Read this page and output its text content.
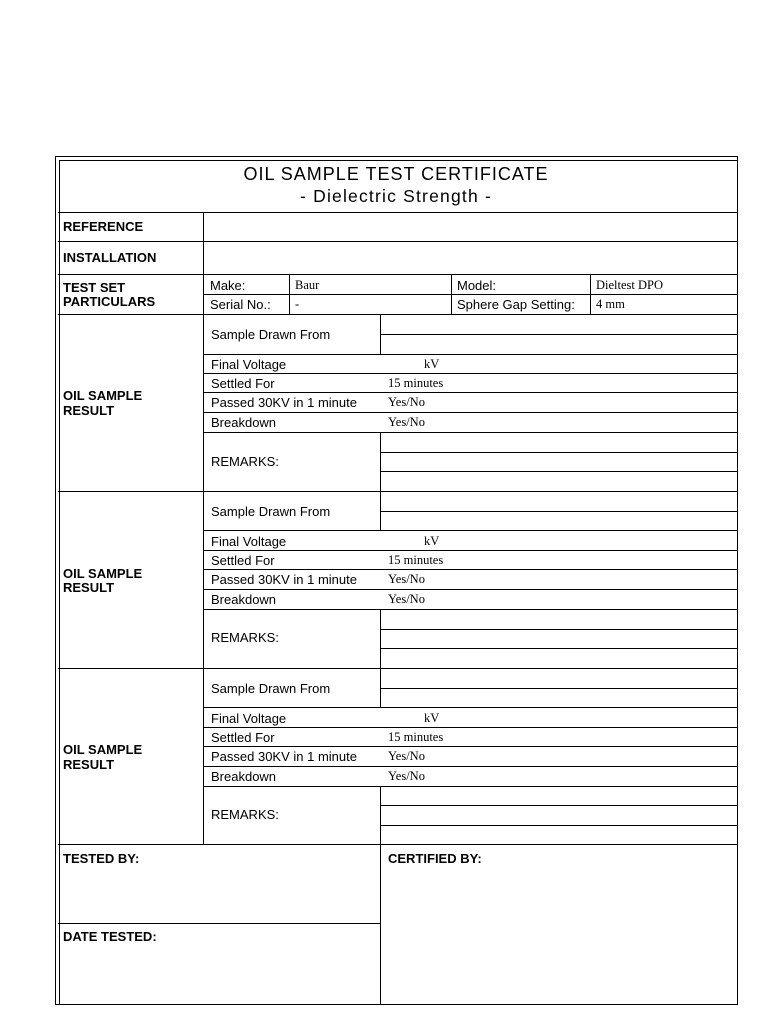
OIL SAMPLE TEST CERTIFICATE
- Dielectric Strength -
REFERENCE
INSTALLATION
TEST SET
PARTICULARS
Make:	Baur	Model:	Dieltest DPO
Serial No.: -	Sphere Gap Setting: 4 mm
OIL SAMPLE
RESULT
Sample Drawn From
Final Voltage	kV
Settled For	15 minutes
Passed 30KV in 1 minute Yes/No
Breakdown	Yes/No
REMARKS:
OIL SAMPLE
RESULT
Sample Drawn From
Final Voltage	kV
Settled For	15 minutes
Passed 30KV in 1 minute Yes/No
Breakdown	Yes/No
REMARKS:
OIL SAMPLE
RESULT
Sample Drawn From
Final Voltage	kV
Settled For	15 minutes
Passed 30KV in 1 minute Yes/No
Breakdown	Yes/No
REMARKS:
TESTED BY:	CERTIFIED BY:
DATE TESTED:
